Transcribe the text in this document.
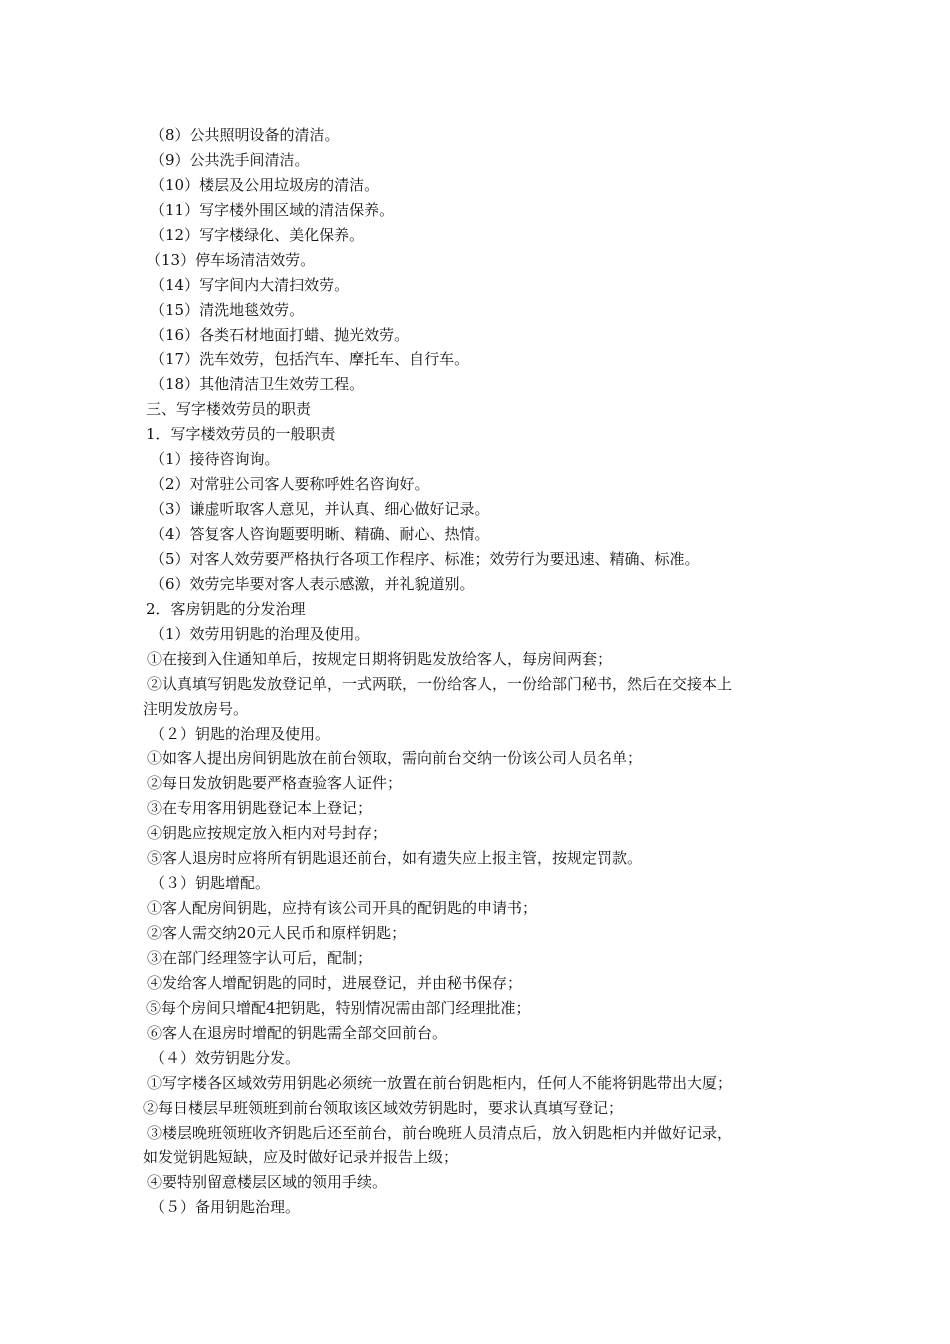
（8）公共照明设备的清洁。

（9）公共洗手间清洁。

（10）楼层及公用垃圾房的清洁。

（11）写字楼外围区域的清洁保养。

（12）写字楼绿化、美化保养。

（13）停车场清洁效劳。

（14）写字间内大清扫效劳。

（15）清洗地毯效劳。

（16）各类石材地面打蜡、抛光效劳。

（17）洗车效劳，包括汽车、摩托车、自行车。

（18）其他清洁卫生效劳工程。

三、写字楼效劳员的职责

1．写字楼效劳员的一般职责

（1）接待咨询询。

（2）对常驻公司客人要称呼姓名咨询好。

（3）谦虚听取客人意见，并认真、细心做好记录。

（4）答复客人咨询题要明晰、精确、耐心、热情。

（5）对客人效劳要严格执行各项工作程序、标准；效劳行为要迅速、精确、标准。

（6）效劳完毕要对客人表示感激，并礼貌道别。

2．客房钥匙的分发治理

（1）效劳用钥匙的治理及使用。

①在接到入住通知单后，按规定日期将钥匙发放给客人，每房间两套；

②认真填写钥匙发放登记单，一式两联，一份给客人，一份给部门秘书，然后在交接本上

注明发放房号。

（２）钥匙的治理及使用。

①如客人提出房间钥匙放在前台领取，需向前台交纳一份该公司人员名单；

②每日发放钥匙要严格查验客人证件；

③在专用客用钥匙登记本上登记；

④钥匙应按规定放入柜内对号封存；

⑤客人退房时应将所有钥匙退还前台，如有遗失应上报主管，按规定罚款。

（３）钥匙增配。

①客人配房间钥匙，应持有该公司开具的配钥匙的申请书；

②客人需交纳20元人民币和原样钥匙；

③在部门经理签字认可后，配制；

④发给客人增配钥匙的同时，进展登记，并由秘书保存；

⑤每个房间只增配4把钥匙，特别情况需由部门经理批准；

⑥客人在退房时增配的钥匙需全部交回前台。

（４）效劳钥匙分发。

①写字楼各区域效劳用钥匙必须统一放置在前台钥匙柜内，任何人不能将钥匙带出大厦；

②每日楼层早班领班到前台领取该区域效劳钥匙时，要求认真填写登记；

③楼层晚班领班收齐钥匙后还至前台，前台晚班人员清点后，放入钥匙柜内并做好记录，

如发觉钥匙短缺，应及时做好记录并报告上级；

④要特别留意楼层区域的领用手续。

（５）备用钥匙治理。
